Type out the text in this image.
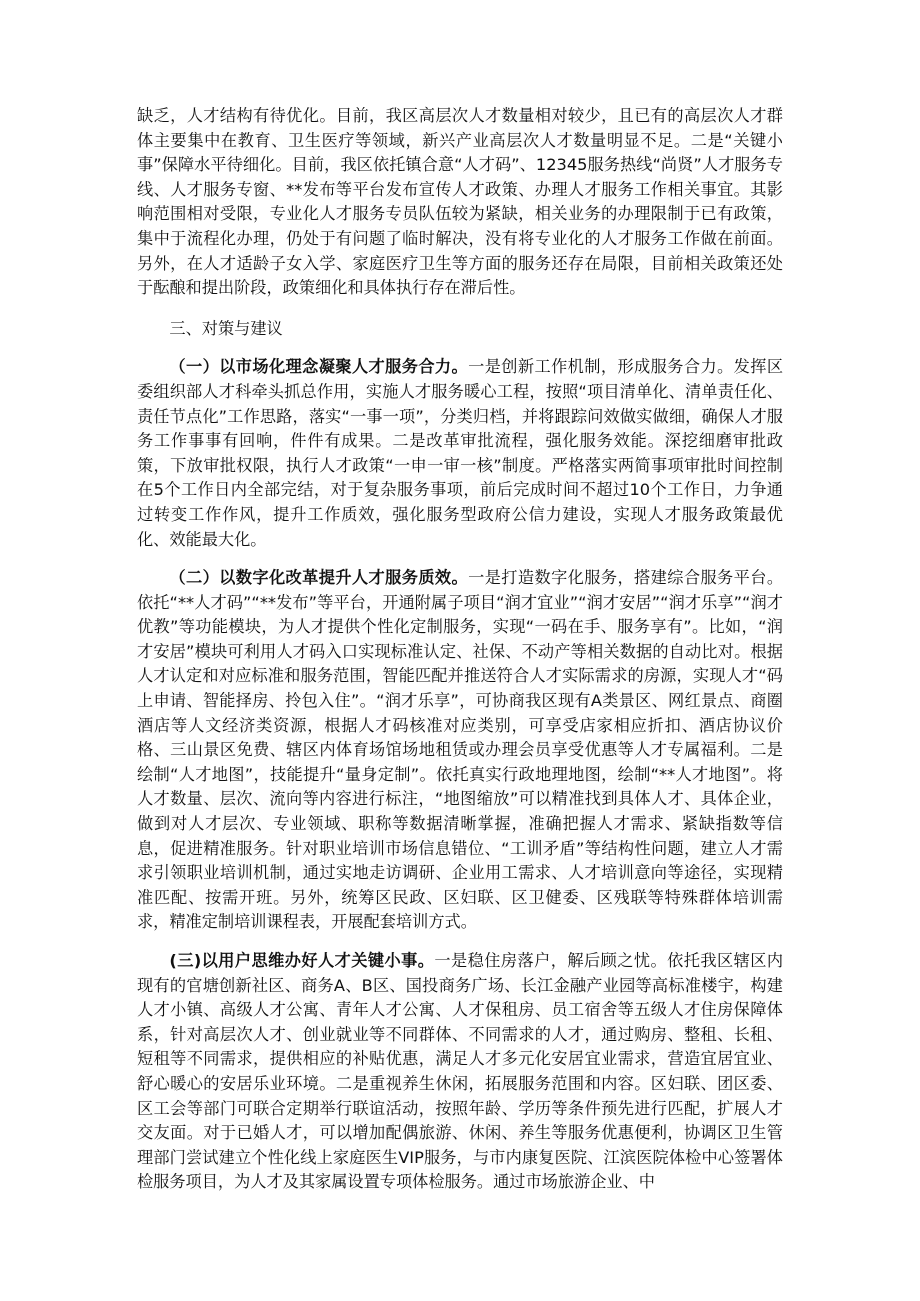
缺乏，人才结构有待优化。目前，我区高层次人才数量相对较少，且已有的高层次人才群体主要集中在教育、卫生医疗等领域，新兴产业高层次人才数量明显不足。二是“关键小事”保障水平待细化。目前，我区依托镇合意“人才码”、12345服务热线“尚贤”人才服务专线、人才服务专窗、**发布等平台发布宣传人才政策、办理人才服务工作相关事宜。其影响范围相对受限，专业化人才服务专员队伍较为紧缺，相关业务的办理限制于已有政策，集中于流程化办理，仍处于有问题了临时解决，没有将专业化的人才服务工作做在前面。另外，在人才适龄子女入学、家庭医疗卫生等方面的服务还存在局限，目前相关政策还处于酝酿和提出阶段，政策细化和具体执行存在滞后性。

三、对策与建议

（一）以市场化理念凝聚人才服务合力。一是创新工作机制，形成服务合力。发挥区委组织部人才科牵头抓总作用，实施人才服务暖心工程，按照“项目清单化、清单责任化、责任节点化”工作思路，落实“一事一项”，分类归档，并将跟踪问效做实做细，确保人才服务工作事事有回响，件件有成果。二是改革审批流程，强化服务效能。深挖细磨审批政策，下放审批权限，执行人才政策“一申一审一核”制度。严格落实两简事项审批时间控制在5个工作日内全部完结，对于复杂服务事项，前后完成时间不超过10个工作日，力争通过转变工作作风，提升工作质效，强化服务型政府公信力建设，实现人才服务政策最优化、效能最大化。

（二）以数字化改革提升人才服务质效。一是打造数字化服务，搭建综合服务平台。依托“**人才码”“**发布”等平台，开通附属子项目“润才宜业”“润才安居”“润才乐享”“润才优教”等功能模块，为人才提供个性化定制服务，实现“一码在手、服务享有”。比如，“润才安居”模块可利用人才码入口实现标准认定、社保、不动产等相关数据的自动比对。根据人才认定和对应标准和服务范围，智能匹配并推送符合人才实际需求的房源，实现人才“码上申请、智能择房、拎包入住”。“润才乐享”，可协商我区现有A类景区、网红景点、商圈酒店等人文经济类资源，根据人才码核准对应类别，可享受店家相应折扣、酒店协议价格、三山景区免费、辖区内体育场馆场地租赁或办理会员享受优惠等人才专属福利。二是绘制“人才地图”，技能提升“量身定制”。依托真实行政地理地图，绘制“**人才地图”。将人才数量、层次、流向等内容进行标注，“地图缩放”可以精准找到具体人才、具体企业，做到对人才层次、专业领域、职称等数据清晰掌握，准确把握人才需求、紧缺指数等信息，促进精准服务。针对职业培训市场信息错位、“工训矛盾”等结构性问题，建立人才需求引领职业培训机制，通过实地走访调研、企业用工需求、人才培训意向等途径，实现精准匹配、按需开班。另外，统筹区民政、区妇联、区卫健委、区残联等特殊群体培训需求，精准定制培训课程表，开展配套培训方式。

(三)以用户思维办好人才关键小事。一是稳住房落户，解后顾之忧。依托我区辖区内现有的官塘创新社区、商务A、B区、国投商务广场、长江金融产业园等高标准楼宇，构建人才小镇、高级人才公寓、青年人才公寓、人才保租房、员工宿舍等五级人才住房保障体系，针对高层次人才、创业就业等不同群体、不同需求的人才，通过购房、整租、长租、短租等不同需求，提供相应的补贴优惠，满足人才多元化安居宜业需求，营造宜居宜业、舒心暖心的安居乐业环境。二是重视养生休闲，拓展服务范围和内容。区妇联、团区委、区工会等部门可联合定期举行联谊活动，按照年龄、学历等条件预先进行匹配，扩展人才交友面。对于已婚人才，可以增加配偶旅游、休闲、养生等服务优惠便利，协调区卫生管理部门尝试建立个性化线上家庭医生VIP服务，与市内康复医院、江滨医院体检中心签署体检服务项目，为人才及其家属设置专项体检服务。通过市场旅游企业、中
